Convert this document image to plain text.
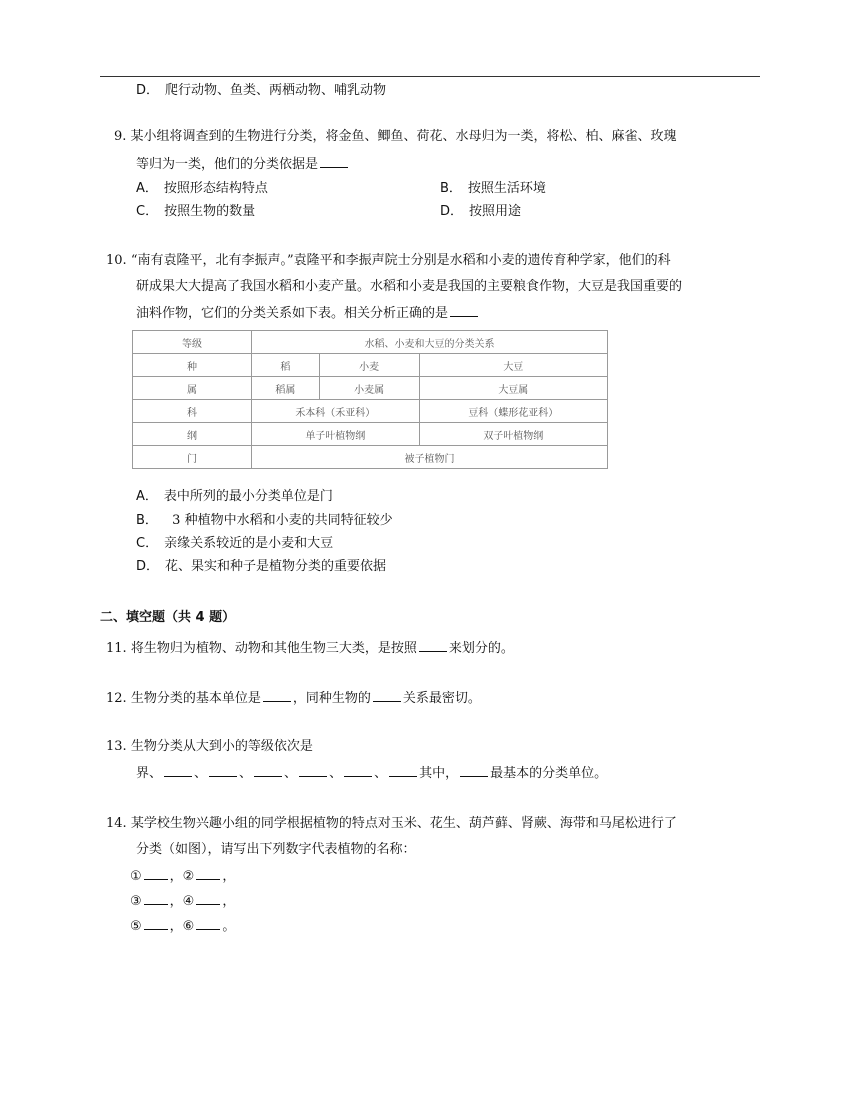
D． 爬行动物、鱼类、两栖动物、哺乳动物
9. 某小组将调查到的生物进行分类，将金鱼、鲫鱼、荷花、水母归为一类，将松、柏、麻雀、玫瑰
等归为一类，他们的分类依据是
A． 按照形态结构特点	B． 按照生活环境
C． 按照生物的数量	D． 按照用途
10. “南有袁隆平，北有李振声。”袁隆平和李振声院士分别是水稻和小麦的遗传育种学家，他们的科
研成果大大提高了我国水稻和小麦产量。水稻和小麦是我国的主要粮食作物，大豆是我国重要的
油料作物，它们的分类关系如下表。相关分析正确的是
等级	水稻、小麦和大豆的分类关系		
种	稻	小麦	大豆
属	稻属	小麦属	大豆属
科	禾本科（禾亚科）		豆科（蝶形花亚科）
纲	单子叶植物纲		双子叶植物纲
门	被子植物门		
A． 表中所列的最小分类单位是门
B．  3 种植物中水稻和小麦的共同特征较少
C． 亲缘关系较近的是小麦和大豆
D． 花、果实和种子是植物分类的重要依据
二、填空题（共 4 题）
11. 将生物归为植物、动物和其他生物三大类，是按照 来划分的。
12. 生物分类的基本单位是 ，同种生物的 关系最密切。
13. 生物分类从大到小的等级依次是
界、 、 、 、 、 、 其中， 最基本的分类单位。
14. 某学校生物兴趣小组的同学根据植物的特点对玉米、花生、葫芦藓、肾蕨、海带和马尾松进行了
分类（如图），请写出下列数字代表植物的名称：
① ，② ，
③ ，④ ，
⑤ ，⑥ 。
